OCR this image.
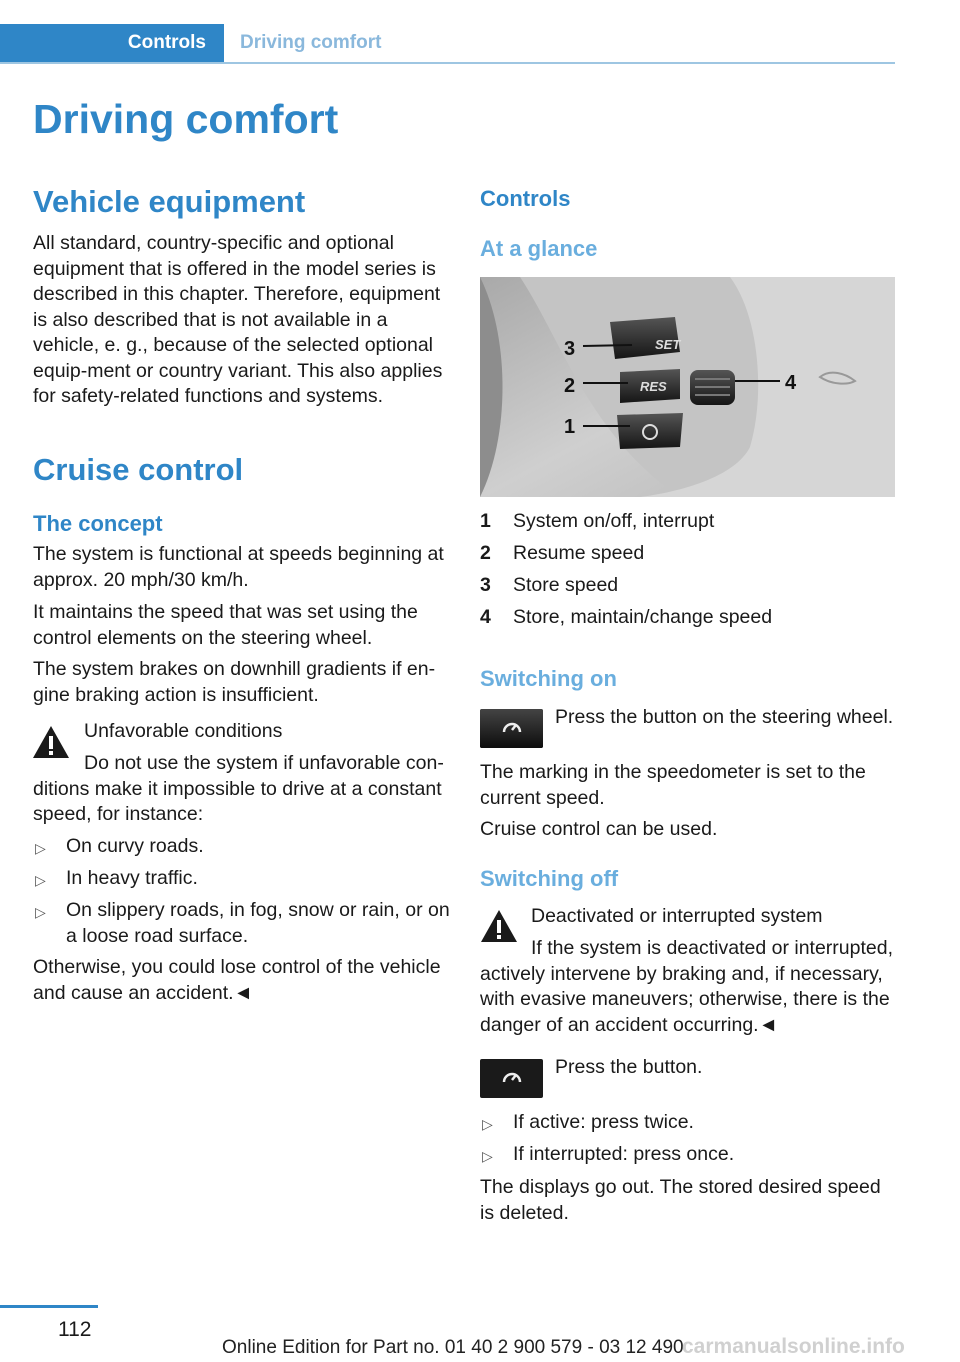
Controls	Driving comfort
Driving comfort
Vehicle equipment
All standard, country-specific and optional equipment that is offered in the model series is described in this chapter. Therefore, equipment is also described that is not available in a vehicle, e. g., because of the selected optional equip-ment or country variant. This also applies for safety-related functions and systems.
Cruise control
The concept
The system is functional at speeds beginning at approx. 20 mph/30 km/h.
It maintains the speed that was set using the control elements on the steering wheel.
The system brakes on downhill gradients if en-gine braking action is insufficient.
Unfavorable conditions
Do not use the system if unfavorable con-ditions make it impossible to drive at a constant speed, for instance:
▷ On curvy roads.
▷ In heavy traffic.
▷ On slippery roads, in fog, snow or rain, or on a loose road surface.
Otherwise, you could lose control of the vehicle and cause an accident.◄
Controls
At a glance
SET
RES
3
2
1
4
1 System on/off, interrupt
2 Resume speed
3 Store speed
4 Store, maintain/change speed
Switching on
Press the button on the steering wheel.
The marking in the speedometer is set to the current speed.
Cruise control can be used.
Switching off
Deactivated or interrupted system
If the system is deactivated or interrupted, actively intervene by braking and, if necessary, with evasive maneuvers; otherwise, there is the danger of an accident occurring.◄
Press the button.
▷ If active: press twice.
▷ If interrupted: press once.
The displays go out. The stored desired speed is deleted.
112
Online Edition for Part no. 01 40 2 900 579 - 03 12 490
carmanualsonline.info
